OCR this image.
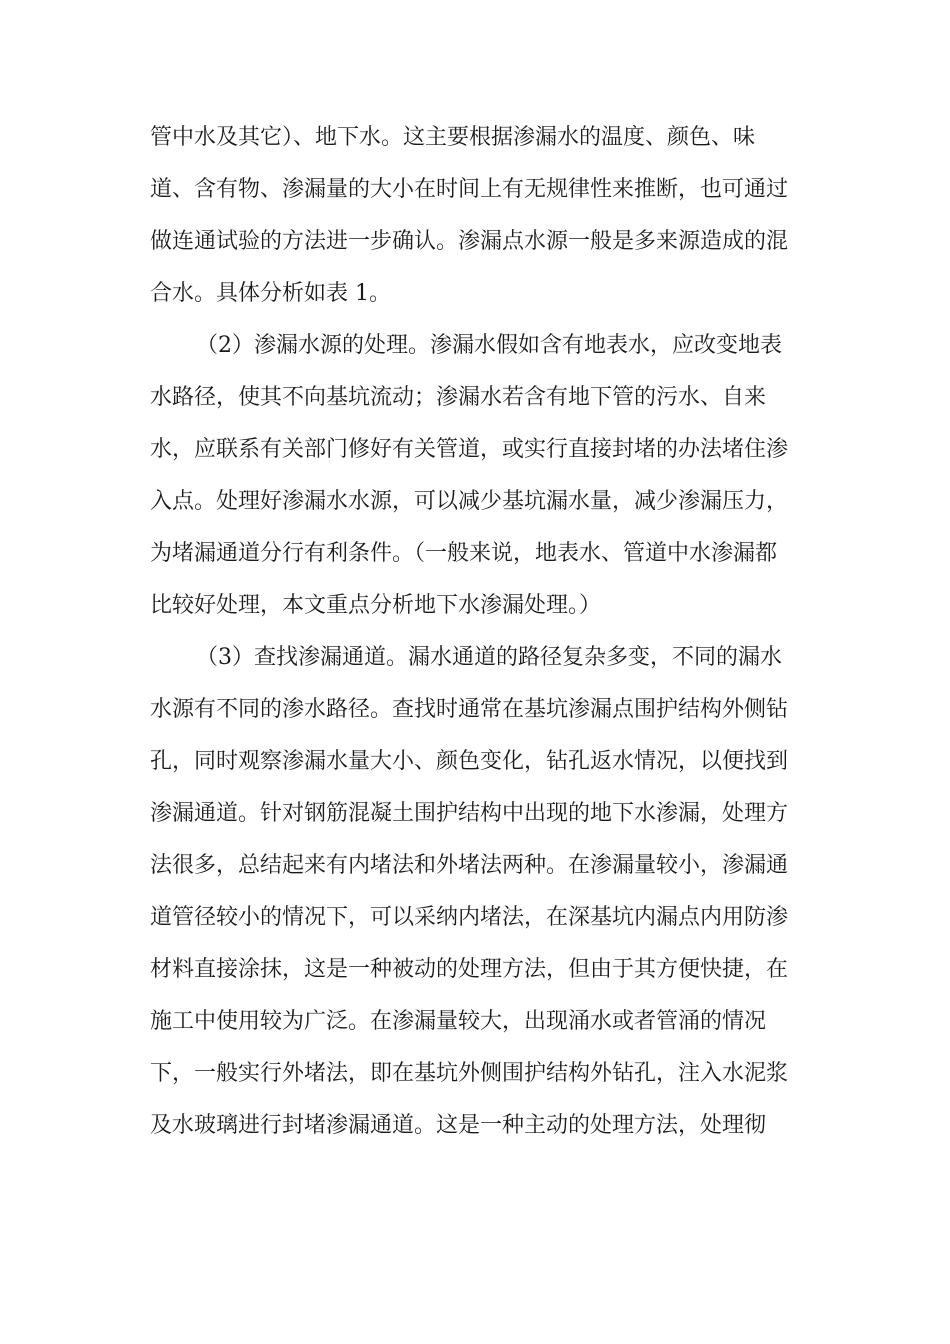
管中水及其它）、地下水。这主要根据渗漏水的温度、颜色、味
道、含有物、渗漏量的大小在时间上有无规律性来推断，也可通过
做连通试验的方法进一步确认。渗漏点水源一般是多来源造成的混
合水。具体分析如表 1。
（2）渗漏水源的处理。渗漏水假如含有地表水，应改变地表
水路径，使其不向基坑流动；渗漏水若含有地下管的污水、自来
水，应联系有关部门修好有关管道，或实行直接封堵的办法堵住渗
入点。处理好渗漏水水源，可以减少基坑漏水量，减少渗漏压力，
为堵漏通道分行有利条件。（一般来说，地表水、管道中水渗漏都
比较好处理，本文重点分析地下水渗漏处理。）
（3）查找渗漏通道。漏水通道的路径复杂多变，不同的漏水
水源有不同的渗水路径。查找时通常在基坑渗漏点围护结构外侧钻
孔，同时观察渗漏水量大小、颜色变化，钻孔返水情况，以便找到
渗漏通道。针对钢筋混凝土围护结构中出现的地下水渗漏，处理方
法很多，总结起来有内堵法和外堵法两种。在渗漏量较小，渗漏通
道管径较小的情况下，可以采纳内堵法，在深基坑内漏点内用防渗
材料直接涂抹，这是一种被动的处理方法，但由于其方便快捷，在
施工中使用较为广泛。在渗漏量较大，出现涌水或者管涌的情况
下，一般实行外堵法，即在基坑外侧围护结构外钻孔，注入水泥浆
及水玻璃进行封堵渗漏通道。这是一种主动的处理方法，处理彻
